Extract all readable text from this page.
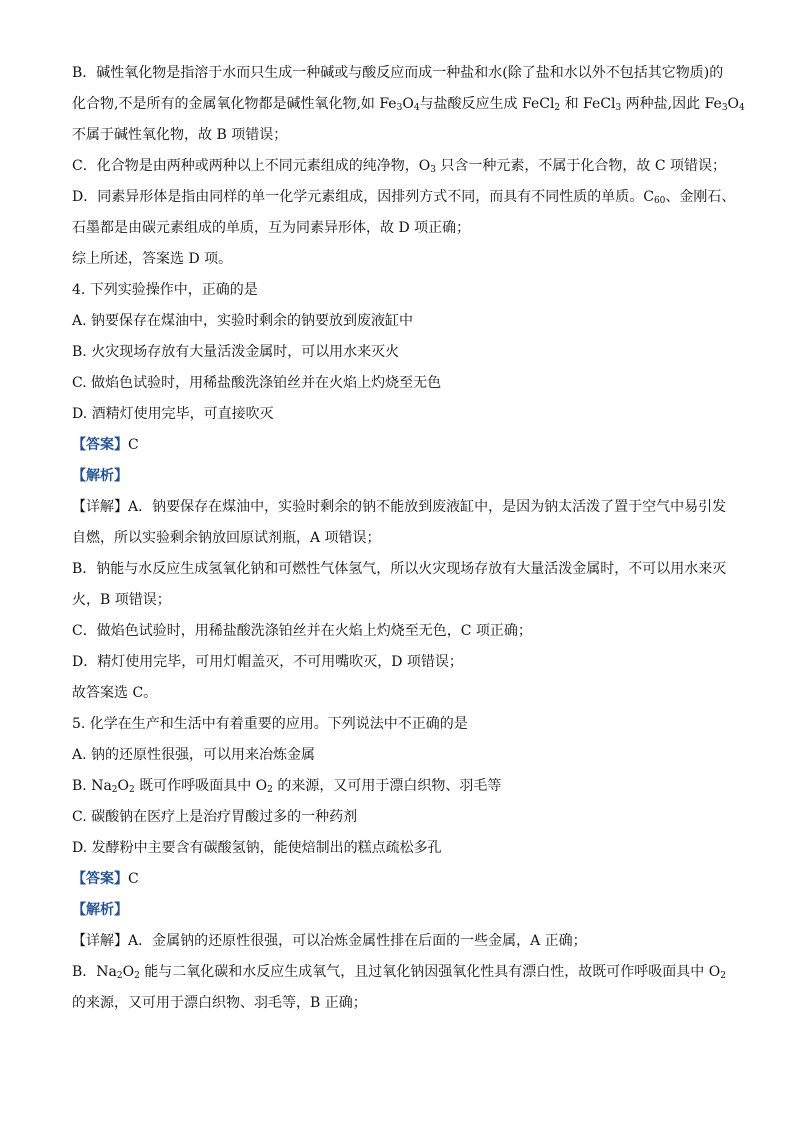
B．碱性氧化物是指溶于水而只生成一种碱或与酸反应而成一种盐和水(除了盐和水以外不包括其它物质)的
化合物,不是所有的金属氧化物都是碱性氧化物,如 $Fe_3O_4$与盐酸反应生成 FeCl$_2$ 和 FeCl$_3$ 两种盐,因此 $Fe_3O_4$
不属于碱性氧化物，故 B 项错误；
C．化合物是由两种或两种以上不同元素组成的纯净物，$O_3$ 只含一种元素，不属于化合物，故 C 项错误；
D．同素异形体是指由同样的单一化学元素组成，因排列方式不同，而具有不同性质的单质。$C_{60}$、金刚石、
石墨都是由碳元素组成的单质，互为同素异形体，故 D 项正确；
综上所述，答案选 D 项。
4. 下列实验操作中，正确的是
A. 钠要保存在煤油中，实验时剩余的钠要放到废液缸中
B. 火灾现场存放有大量活泼金属时，可以用水来灭火
C. 做焰色试验时，用稀盐酸洗涤铂丝并在火焰上灼烧至无色
D. 酒精灯使用完毕，可直接吹灭
【答案】C
【解析】
【详解】A．钠要保存在煤油中，实验时剩余的钠不能放到废液缸中，是因为钠太活泼了置于空气中易引发
自燃，所以实验剩余钠放回原试剂瓶，A 项错误；
B．钠能与水反应生成氢氧化钠和可燃性气体氢气，所以火灾现场存放有大量活泼金属时，不可以用水来灭
火，B 项错误；
C．做焰色试验时，用稀盐酸洗涤铂丝并在火焰上灼烧至无色，C 项正确；
D．精灯使用完毕，可用灯帽盖灭，不可用嘴吹灭，D 项错误；
故答案选 C。
5. 化学在生产和生活中有着重要的应用。下列说法中不正确的是
A. 钠的还原性很强，可以用来冶炼金属
B. $Na_2O_2$ 既可作呼吸面具中 $O_2$ 的来源，又可用于漂白织物、羽毛等
C. 碳酸钠在医疗上是治疗胃酸过多的一种药剂
D. 发酵粉中主要含有碳酸氢钠，能使焙制出的糕点疏松多孔
【答案】C
【解析】
【详解】A．金属钠的还原性很强，可以冶炼金属性排在后面的一些金属，A 正确；
B．$Na_2O_2$ 能与二氧化碳和水反应生成氧气，且过氧化钠因强氧化性具有漂白性，故既可作呼吸面具中 $O_2$
的来源，又可用于漂白织物、羽毛等，B 正确；
